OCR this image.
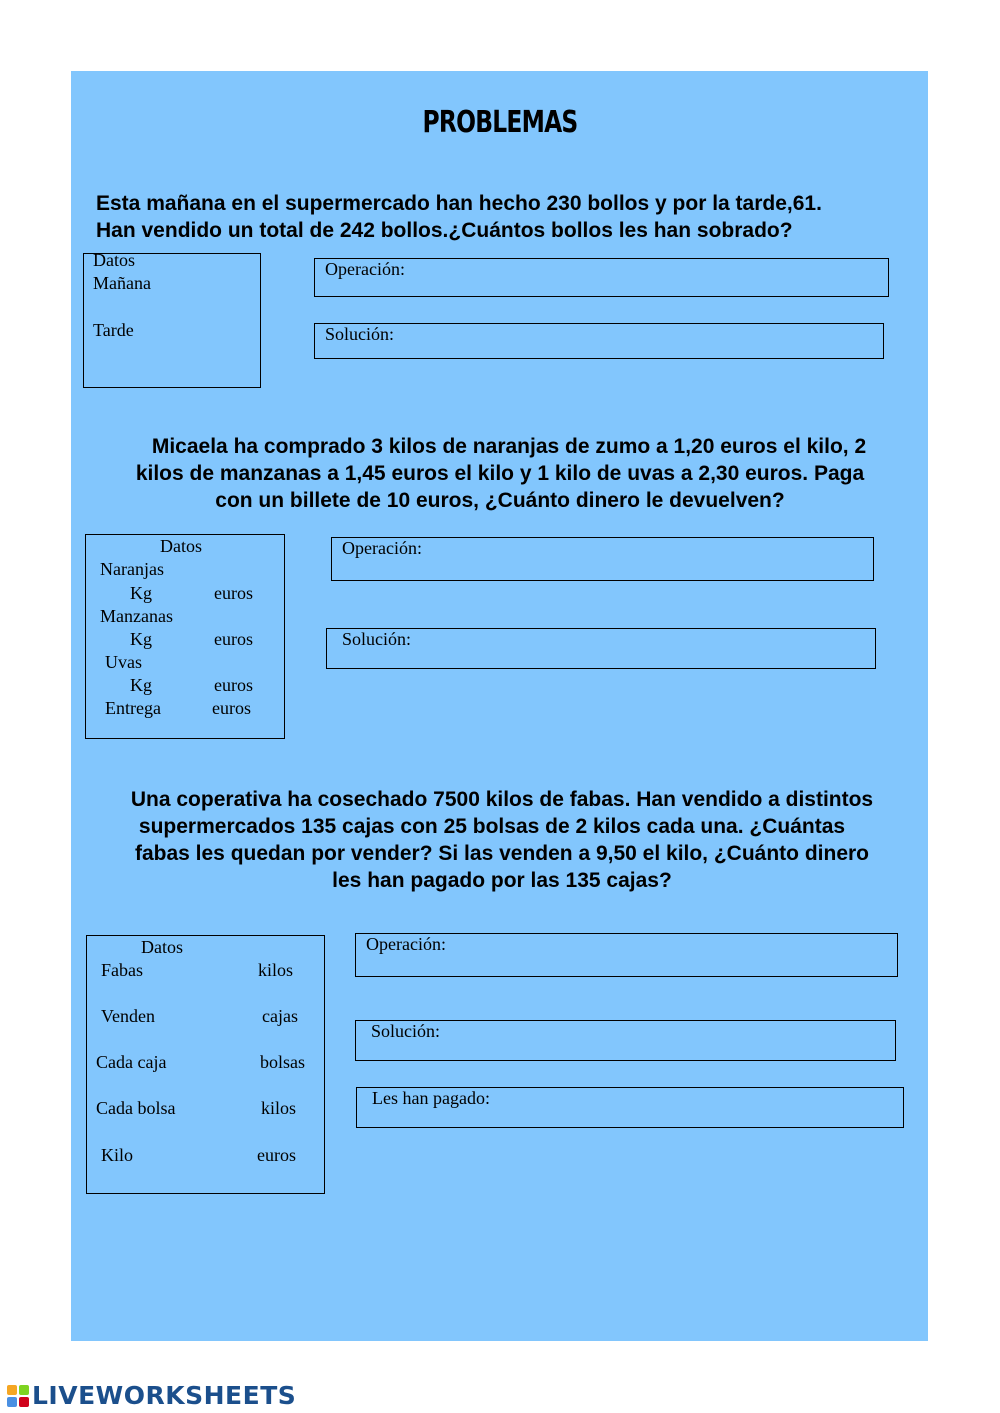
PROBLEMAS
Esta mañana en el supermercado han hecho 230 bollos y por la tarde,61.
Han vendido un total de 242 bollos.¿Cuántos bollos les han sobrado?
Datos
Mañana
Tarde
Operación:
Solución:
Micaela ha comprado 3 kilos de naranjas de zumo a 1,20 euros el kilo, 2
kilos de manzanas a 1,45 euros el kilo y 1 kilo de uvas a 2,30 euros. Paga
con un billete de 10 euros, ¿Cuánto dinero le devuelven?
Datos
Naranjas
Kg	euros
Manzanas
Kg	euros
Uvas
Kg	euros
Entrega	euros
Operación:
Solución:
Una coperativa ha cosechado 7500 kilos de fabas. Han vendido a distintos
supermercados 135 cajas con 25 bolsas de 2 kilos cada una. ¿Cuántas
fabas les quedan por vender? Si las venden a 9,50 el kilo, ¿Cuánto dinero
les han pagado por las 135 cajas?
Datos
Fabas	kilos
Venden	cajas
Cada caja	bolsas
Cada bolsa	kilos
Kilo	euros
Operación:
Solución:
Les han pagado:
LIVEWORKSHEETS
